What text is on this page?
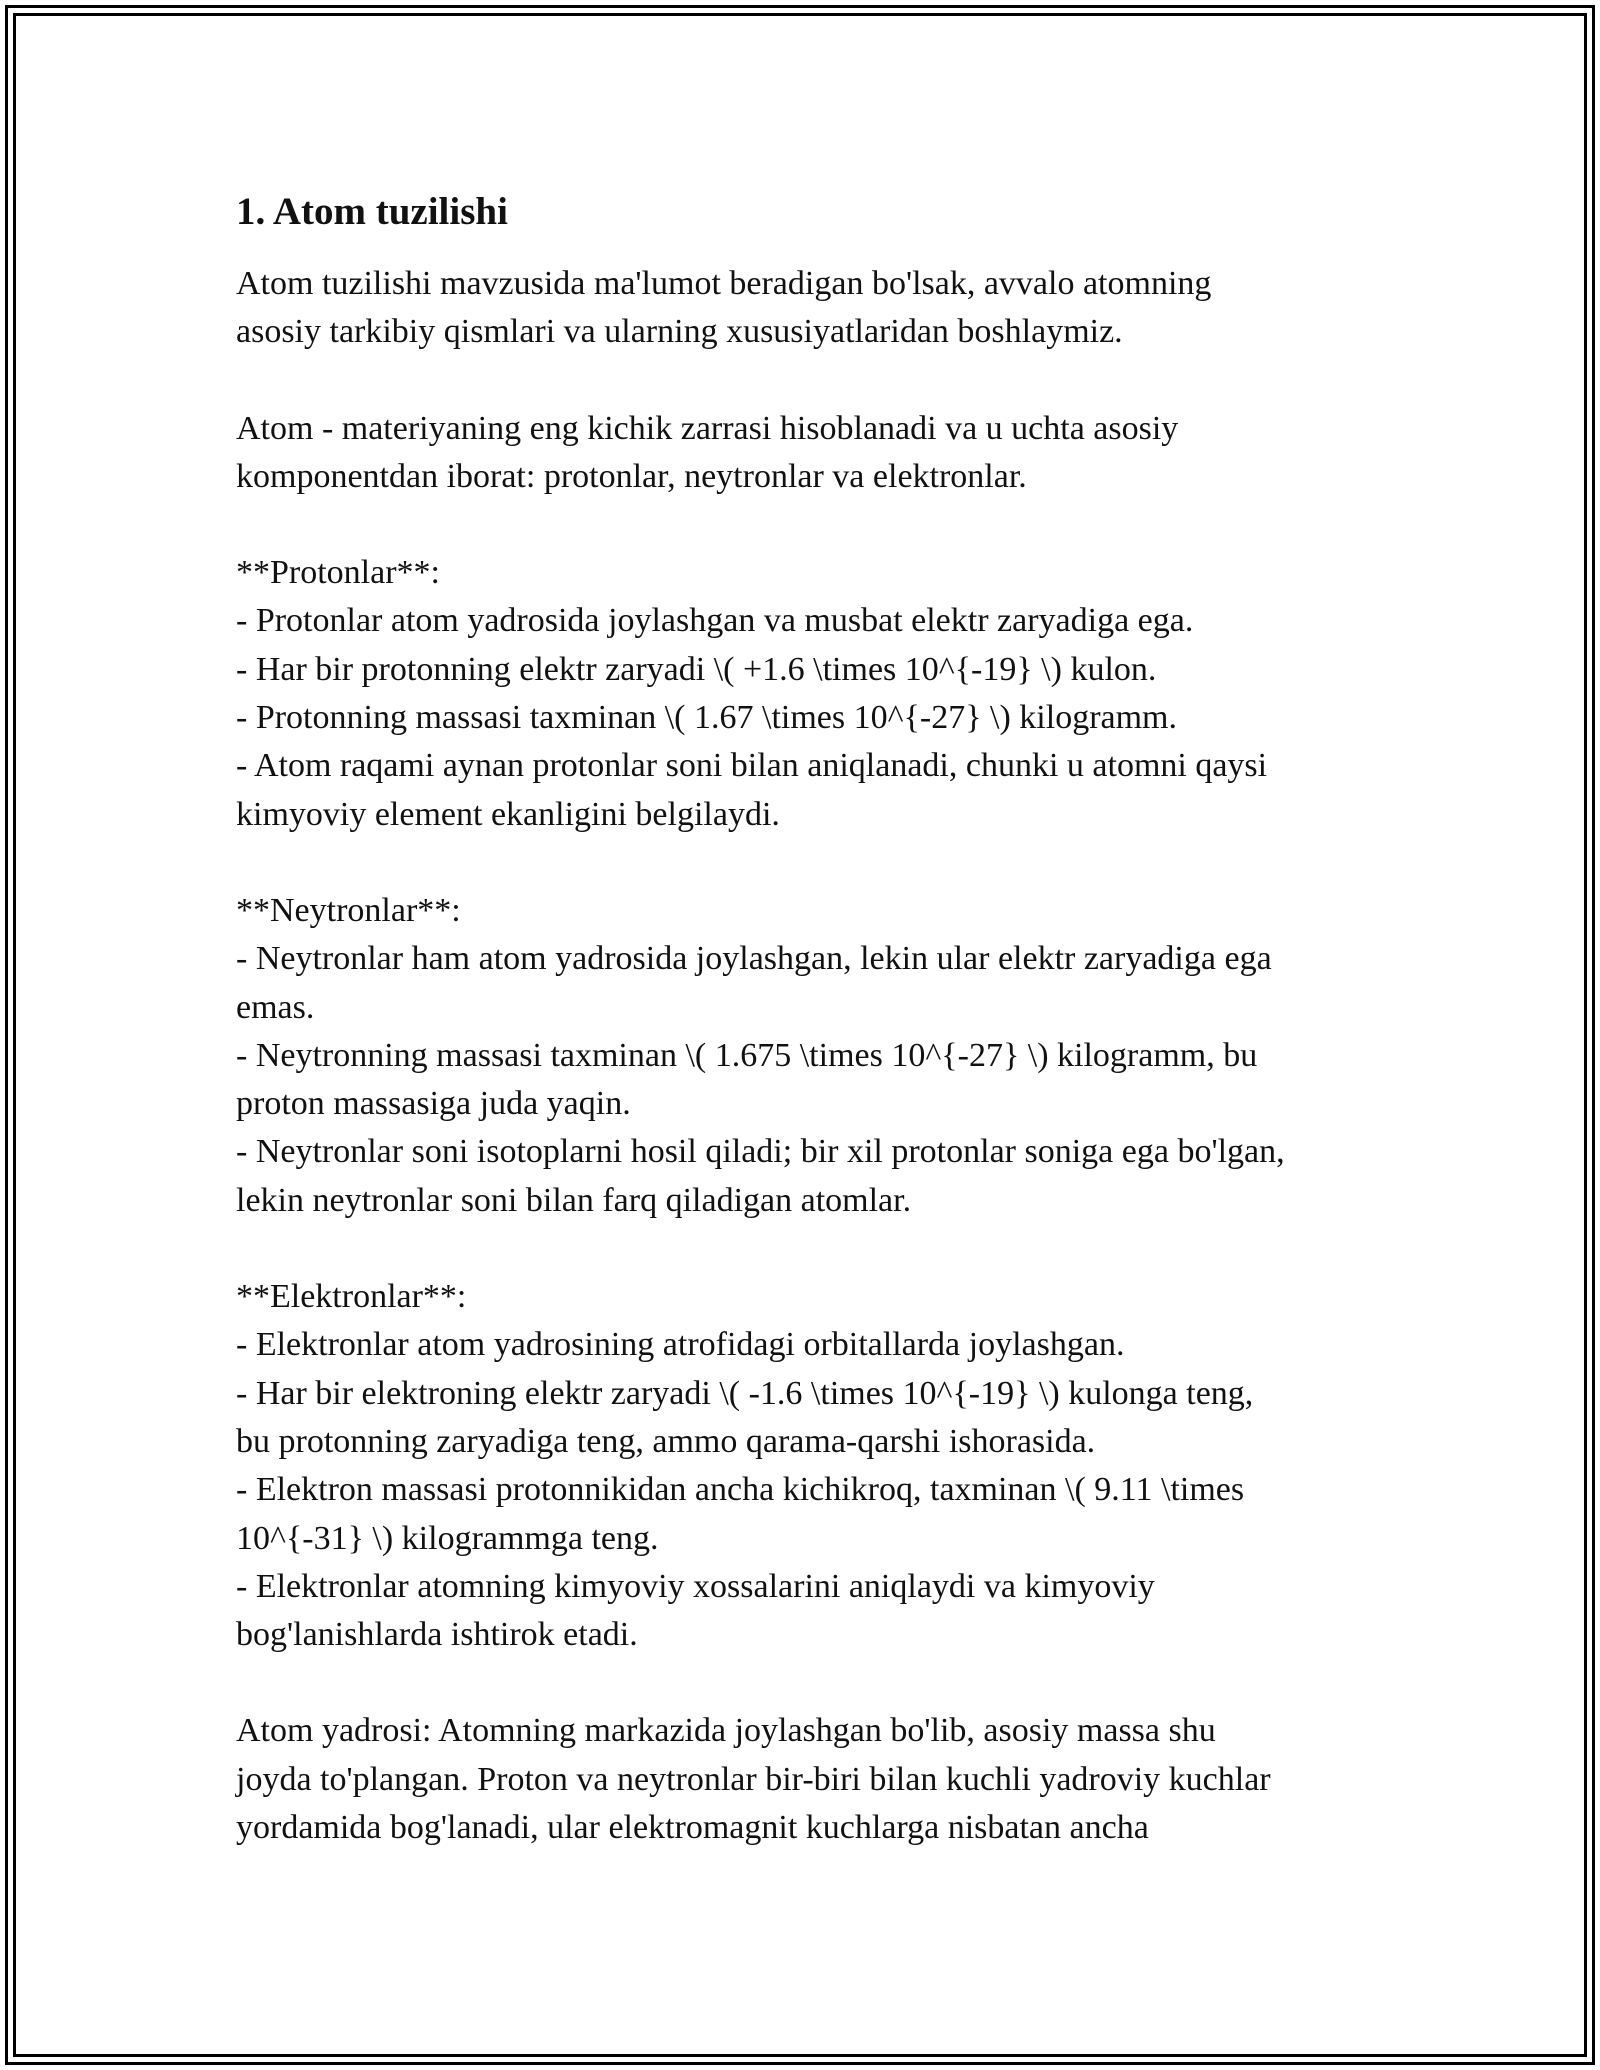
1. Atom tuzilishi

Atom tuzilishi mavzusida ma'lumot beradigan bo'lsak, avvalo atomning
asosiy tarkibiy qismlari va ularning xususiyatlaridan boshlaymiz.

Atom - materiyaning eng kichik zarrasi hisoblanadi va u uchta asosiy
komponentdan iborat: protonlar, neytronlar va elektronlar.

**Protonlar**:
- Protonlar atom yadrosida joylashgan va musbat elektr zaryadiga ega.
- Har bir protonning elektr zaryadi \( +1.6 \times 10^{-19} \) kulon.
- Protonning massasi taxminan \( 1.67 \times 10^{-27} \) kilogramm.
- Atom raqami aynan protonlar soni bilan aniqlanadi, chunki u atomni qaysi
kimyoviy element ekanligini belgilaydi.

**Neytronlar**:
- Neytronlar ham atom yadrosida joylashgan, lekin ular elektr zaryadiga ega
emas.
- Neytronning massasi taxminan \( 1.675 \times 10^{-27} \) kilogramm, bu
proton massasiga juda yaqin.
- Neytronlar soni isotoplarni hosil qiladi; bir xil protonlar soniga ega bo'lgan,
lekin neytronlar soni bilan farq qiladigan atomlar.

**Elektronlar**:
- Elektronlar atom yadrosining atrofidagi orbitallarda joylashgan.
- Har bir elektroning elektr zaryadi \( -1.6 \times 10^{-19} \) kulonga teng,
bu protonning zaryadiga teng, ammo qarama-qarshi ishorasida.
- Elektron massasi protonnikidan ancha kichikroq, taxminan \( 9.11 \times
10^{-31} \) kilogrammga teng.
- Elektronlar atomning kimyoviy xossalarini aniqlaydi va kimyoviy
bog'lanishlarda ishtirok etadi.

Atom yadrosi: Atomning markazida joylashgan bo'lib, asosiy massa shu
joyda to'plangan. Proton va neytronlar bir-biri bilan kuchli yadroviy kuchlar
yordamida bog'lanadi, ular elektromagnit kuchlarga nisbatan ancha
